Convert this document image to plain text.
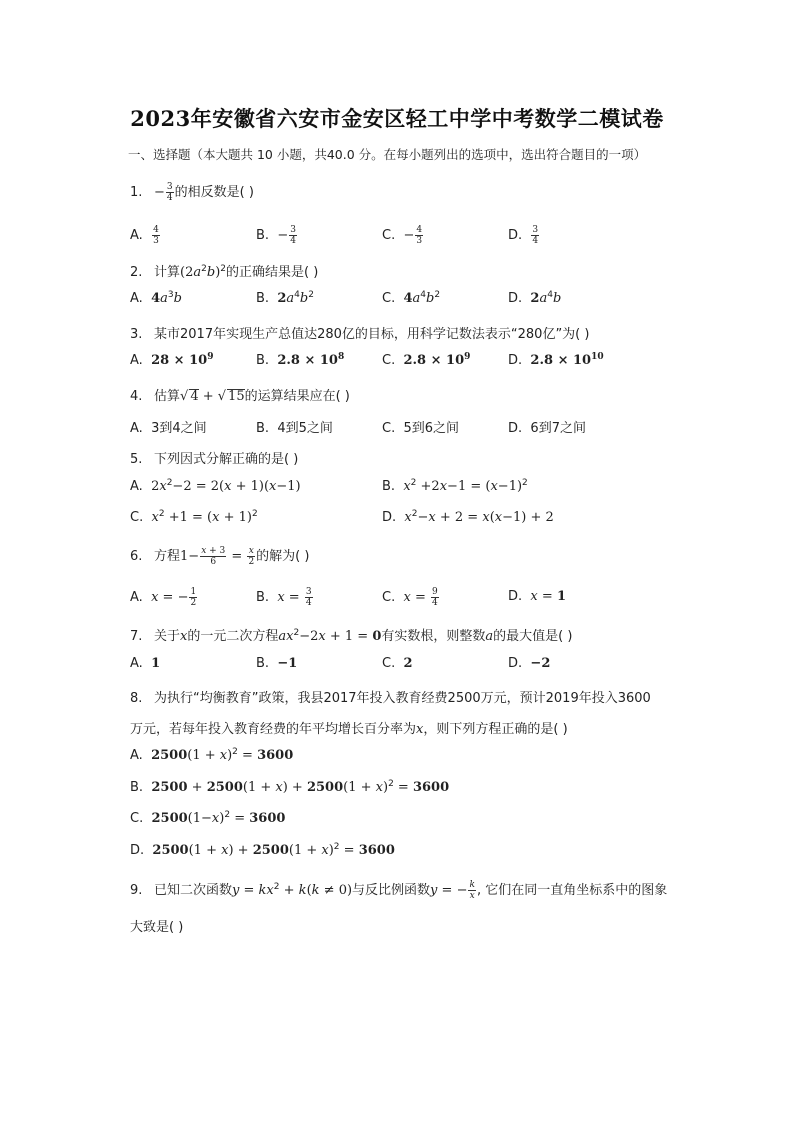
2023年安徽省六安市金安区轻工中学中考数学二模试卷
一、选择题（本大题共 10 小题，共40.0 分。在每小题列出的选项中，选出符合题目的一项）
1. − $\frac{3}{4}$ 的相反数是( )
A. $\frac{4}{3}$	B. − $\frac{3}{4}$	C. − $\frac{4}{3}$	D. $\frac{3}{4}$
2. 计算$(2a^2b)^2$的正确结果是( )
A. $4a^3b$	B. $2a^4b^2$	C. $4a^4b^2$	D. $2a^4b$
3. 某市2017年实现生产总值达280亿的目标，用科学记数法表示“280亿”为( )
A. $28 \times 10^9$	B. $2.8 \times 10^8$	C. $2.8 \times 10^9$	D. $2.8 \times 10^{10}$
4. 估算√ 4 + √ 15的运算结果应在( )
A. 3到4之间	B. 4到5之间	C. 5到6之间	D. 6到7之间
5. 下列因式分解正确的是( )
A. $2x^2-2 = 2(x + 1)(x-1)$	B. $x^2 +2x-1 = (x-1)^2$
C. $x^2 +1 = (x + 1)^2$	D. $x^2-x + 2 = x(x-1) + 2$
6. 方程$1- \frac{x + 3}{6} = \frac{x}{2}$ 的解为( )
A. x = − $\frac{1}{2}$	B. $x = \frac{3}{4}$	C. $x = \frac{9}{4}$	D. x = 1
7. 关于x的一元二次方程$ax^2-2x + 1 = 0$有实数根，则整数a的最大值是( )
A. 1	B. −1	C. 2	D. −2
8. 为执行“均衡教育”政策，我县2017年投入教育经费2500万元，预计2019年投入3600
万元，若每年投入教育经费的年平均增长百分率为x，则下列方程正确的是( )
A. $2500(1 + x)^2 = 3600$
B. $2500 + 2500(1 + x) + 2500(1 + x)^2 = 3600$
C. $2500(1-x)^2 = 3600$
D. $2500(1 + x) + 2500(1 + x)^2 = 3600$
9. 已知二次函数$y = kx^2 + k(k \ne 0)$与反比例函数y = − $\frac{k}{x}$ , 它们在同一直角坐标系中的图象
大致是( )
